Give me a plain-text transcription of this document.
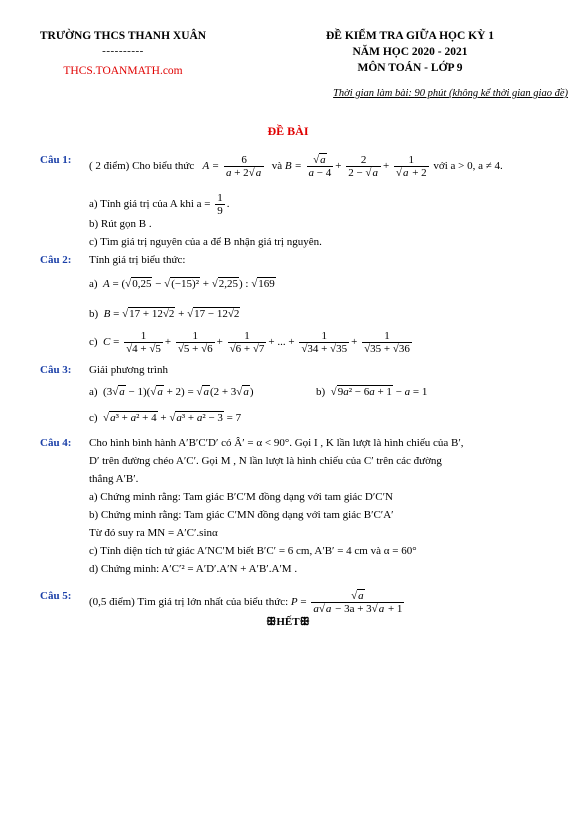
TRƯỜNG THCS THANH XUÂN
----------
THCS.TOANMATH.com
ĐỀ KIỂM TRA GIỮA HỌC KỲ 1
NĂM HỌC 2020 - 2021
MÔN TOÁN - LỚP 9
Thời gian làm bài: 90 phút (không kể thời gian giao đề)
ĐỀ BÀI
Câu 1:
( 2 điểm) Cho biểu thức   $A = \frac{6}{a + 2√a}$ và $B = \frac{√a}{a - 4} + \frac{2}{2 - √a} + \frac{1}{√a + 2}$ với a > 0, a ≠ 4.
a) Tính giá trị của A khi $a = \frac{1}{9}$ .
b) Rút gọn B .
c) Tìm giá trị nguyên của a để B nhận giá trị nguyên.
Câu 2: Tính giá trị biểu thức:
a)  A = (√0,25 − √(−15)² + √2,25) : √169
b)  B = √17 + 12√2 + √17 − 12√2
c)  $C = \frac{1}{√4 + √5} + \frac{1}{√5 + √6} + \frac{1}{√6 + √7}$ + ... + $\frac{1}{√34 + √35} + \frac{1}{√35 + √36}$
Câu 3: Giải phương trình
a)  (3√a − 1)(√a + 2) = √a(2 + 3√a)	b)  √9a² − 6a + 1 − a = 1
c)  √a³ + a² + 4 + √a³ + a² − 3 = 7
Câu 4: Cho hình bình hành A′B′C′D′ có Â′ = α < 90°. Gọi I , K lần lượt là hình chiếu của B′,
D′ trên đường chéo A′C′. Gọi M , N lần lượt là hình chiếu của C′ trên các đường
thẳng A′B′.
a) Chứng minh rằng: Tam giác B′C′M đồng dạng với tam giác D′C′N
b) Chứng minh rằng: Tam giác C′MN đồng dạng với tam giác B′C′A′
Từ đó suy ra MN = A′C′.sinα
c) Tính diện tích tứ giác A′NC′M biết B′C′ = 6 cm, A′B′ = 4 cm và α = 60°
d) Chứng minh: A′C′² = A′D′.A′N + A′B′.A′M .
Câu 5:
(0,5 điểm) Tìm giá trị lớn nhất của biểu thức: $P = \frac{√a}{a√a - 3a + 3√a + 1}$
ꕥHẾTꕥ
